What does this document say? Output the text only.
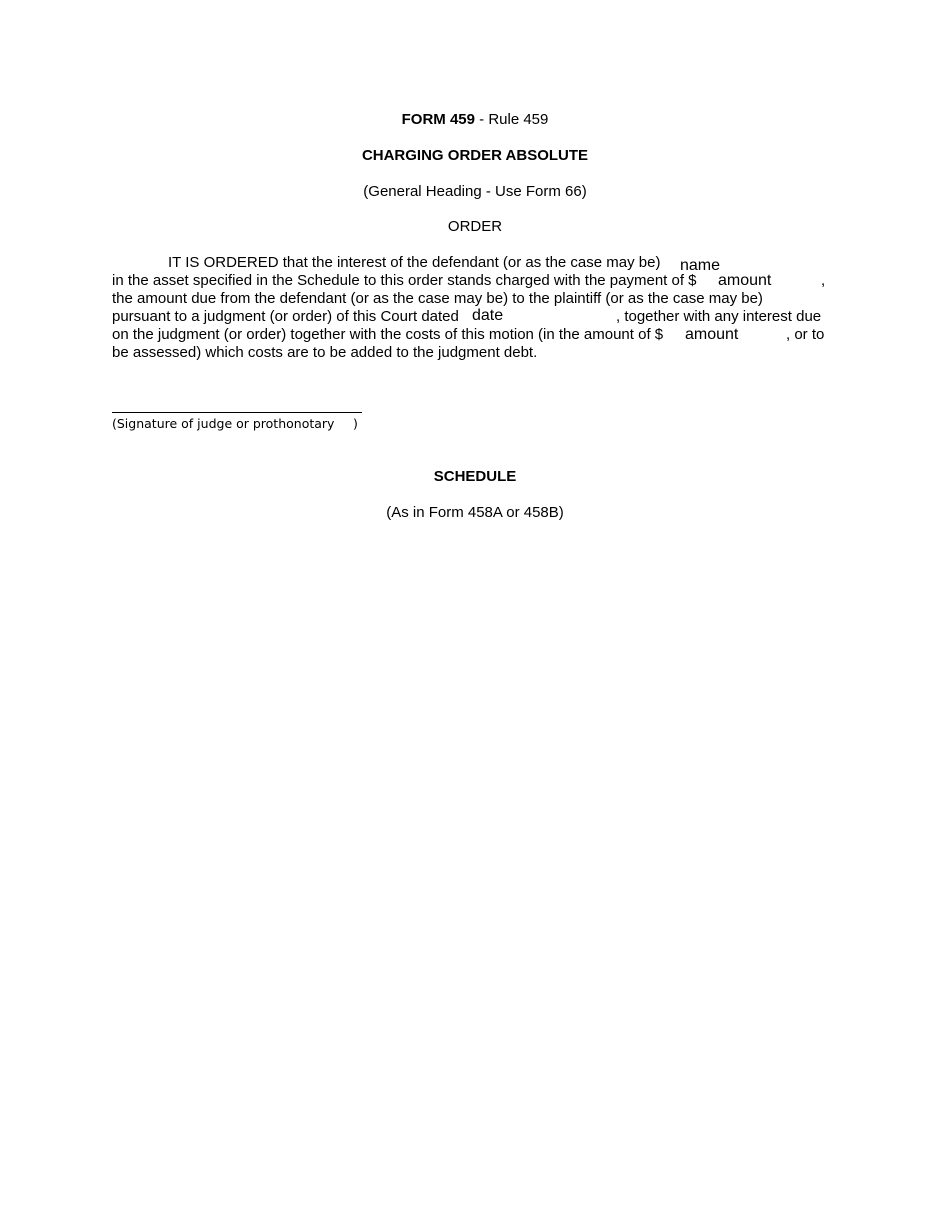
FORM 459 - Rule 459
CHARGING ORDER ABSOLUTE
(General Heading - Use Form 66)
ORDER
IT IS ORDERED that the interest of the defendant (or as the case may be)
name
in the asset specified in the Schedule to this order stands charged with the payment of $
amount	,
the amount due from the defendant (or as the case may be) to the plaintiff (or as the case may be)
pursuant to a judgment (or order) of this Court dated
date	, together with any interest due
on the judgment (or order) together with the costs of this motion (in the amount of $
amount	, or to
be assessed) which costs are to be added to the judgment debt.
(Signature of judge or prothonotary )
SCHEDULE
(As in Form 458A or 458B)
